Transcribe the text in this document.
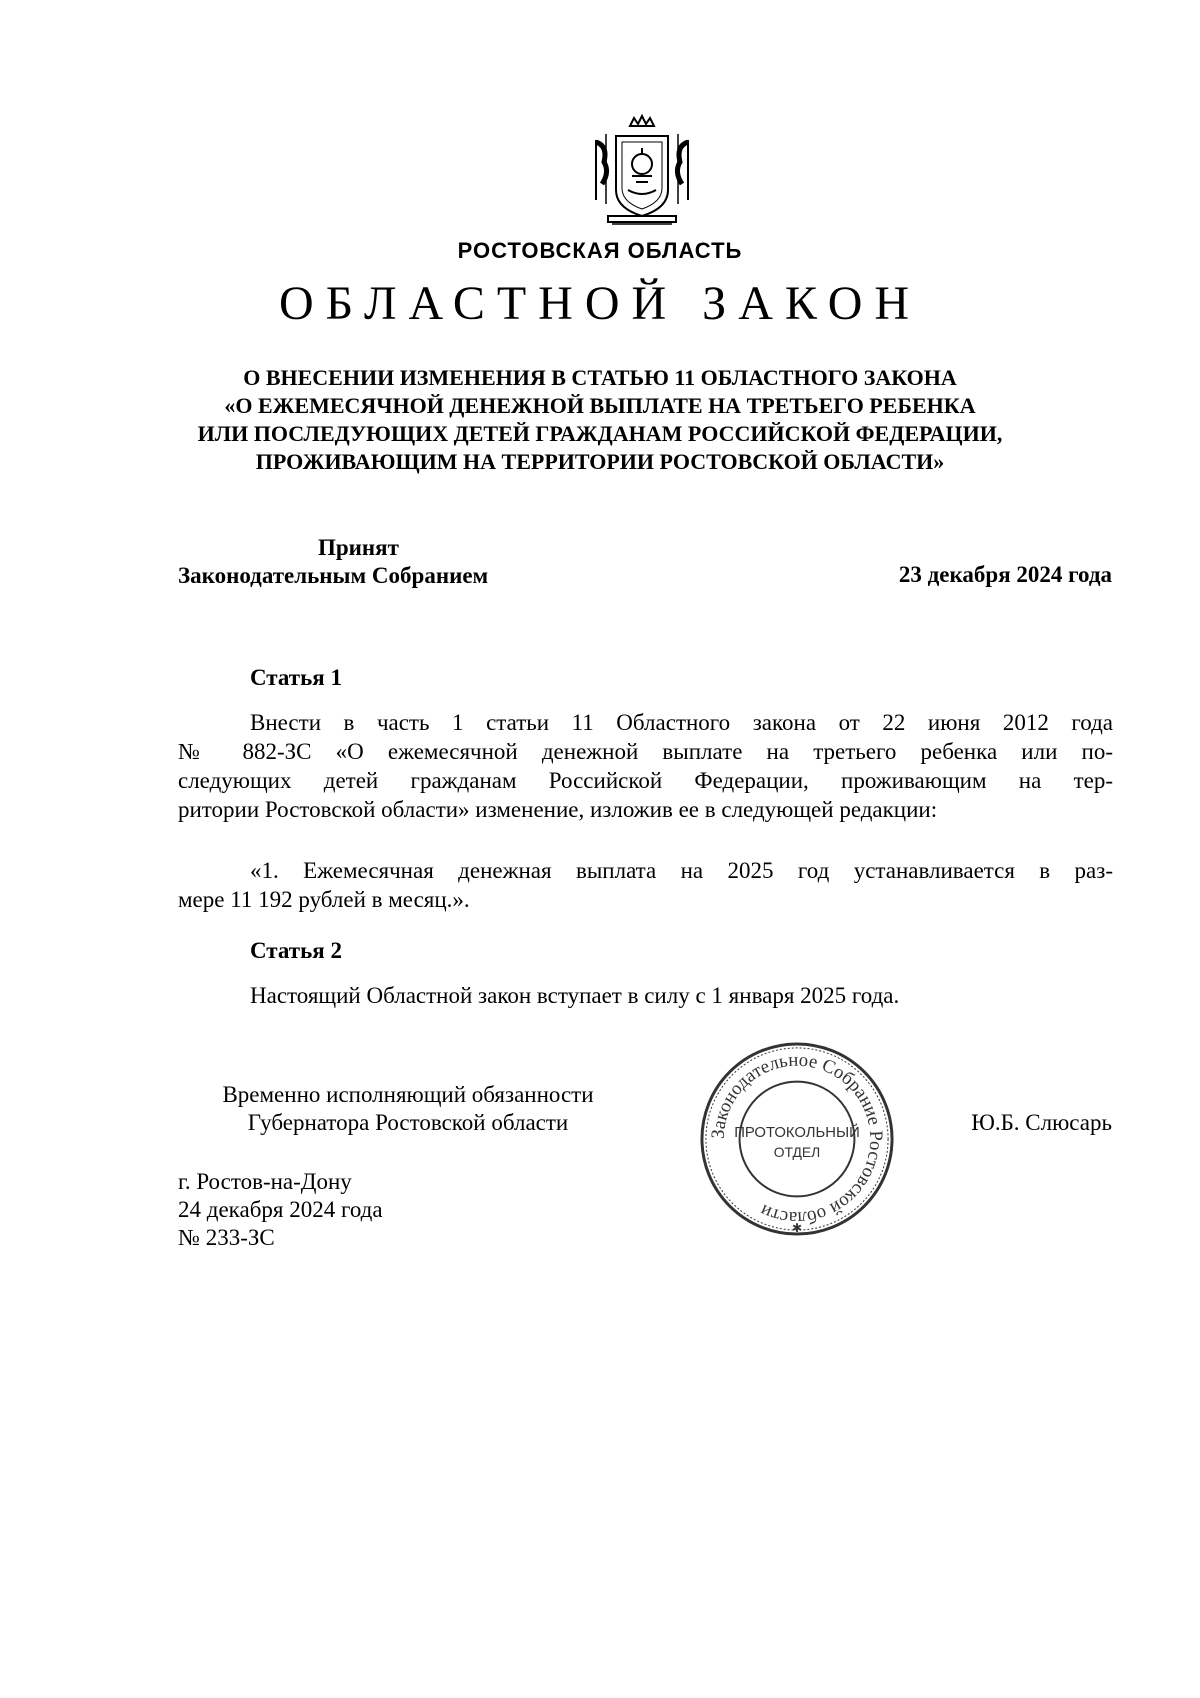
РОСТОВСКАЯ ОБЛАСТЬ
ОБЛАСТНОЙ ЗАКОН
О ВНЕСЕНИИ ИЗМЕНЕНИЯ В СТАТЬЮ 11 ОБЛАСТНОГО ЗАКОНА
«О ЕЖЕМЕСЯЧНОЙ ДЕНЕЖНОЙ ВЫПЛАТЕ НА ТРЕТЬЕГО РЕБЕНКА
ИЛИ ПОСЛЕДУЮЩИХ ДЕТЕЙ ГРАЖДАНАМ РОССИЙСКОЙ ФЕДЕРАЦИИ,
ПРОЖИВАЮЩИМ НА ТЕРРИТОРИИ РОСТОВСКОЙ ОБЛАСТИ»
Принят
Законодательным Собранием	23 декабря 2024 года
Статья 1
Внести в часть 1 статьи 11 Областного закона от 22 июня 2012 года
№ 882-ЗС «О ежемесячной денежной выплате на третьего ребенка или по-
следующих детей гражданам Российской Федерации, проживающим на тер-
ритории Ростовской области» изменение, изложив ее в следующей редакции:
«1. Ежемесячная денежная выплата на 2025 год устанавливается в раз-
мере 11 192 рублей в месяц.».
Статья 2
Настоящий Областной закон вступает в силу с 1 января 2025 года.
Временно исполняющий обязанности
Губернатора Ростовской области	Законодательное Собрание Ростовской области
ПРОТОКОЛЬНЫЙ
ОТДЕЛ
✱
Ю.Б. Слюсарь
г. Ростов-на-Дону
24 декабря 2024 года
№ 233-ЗС
